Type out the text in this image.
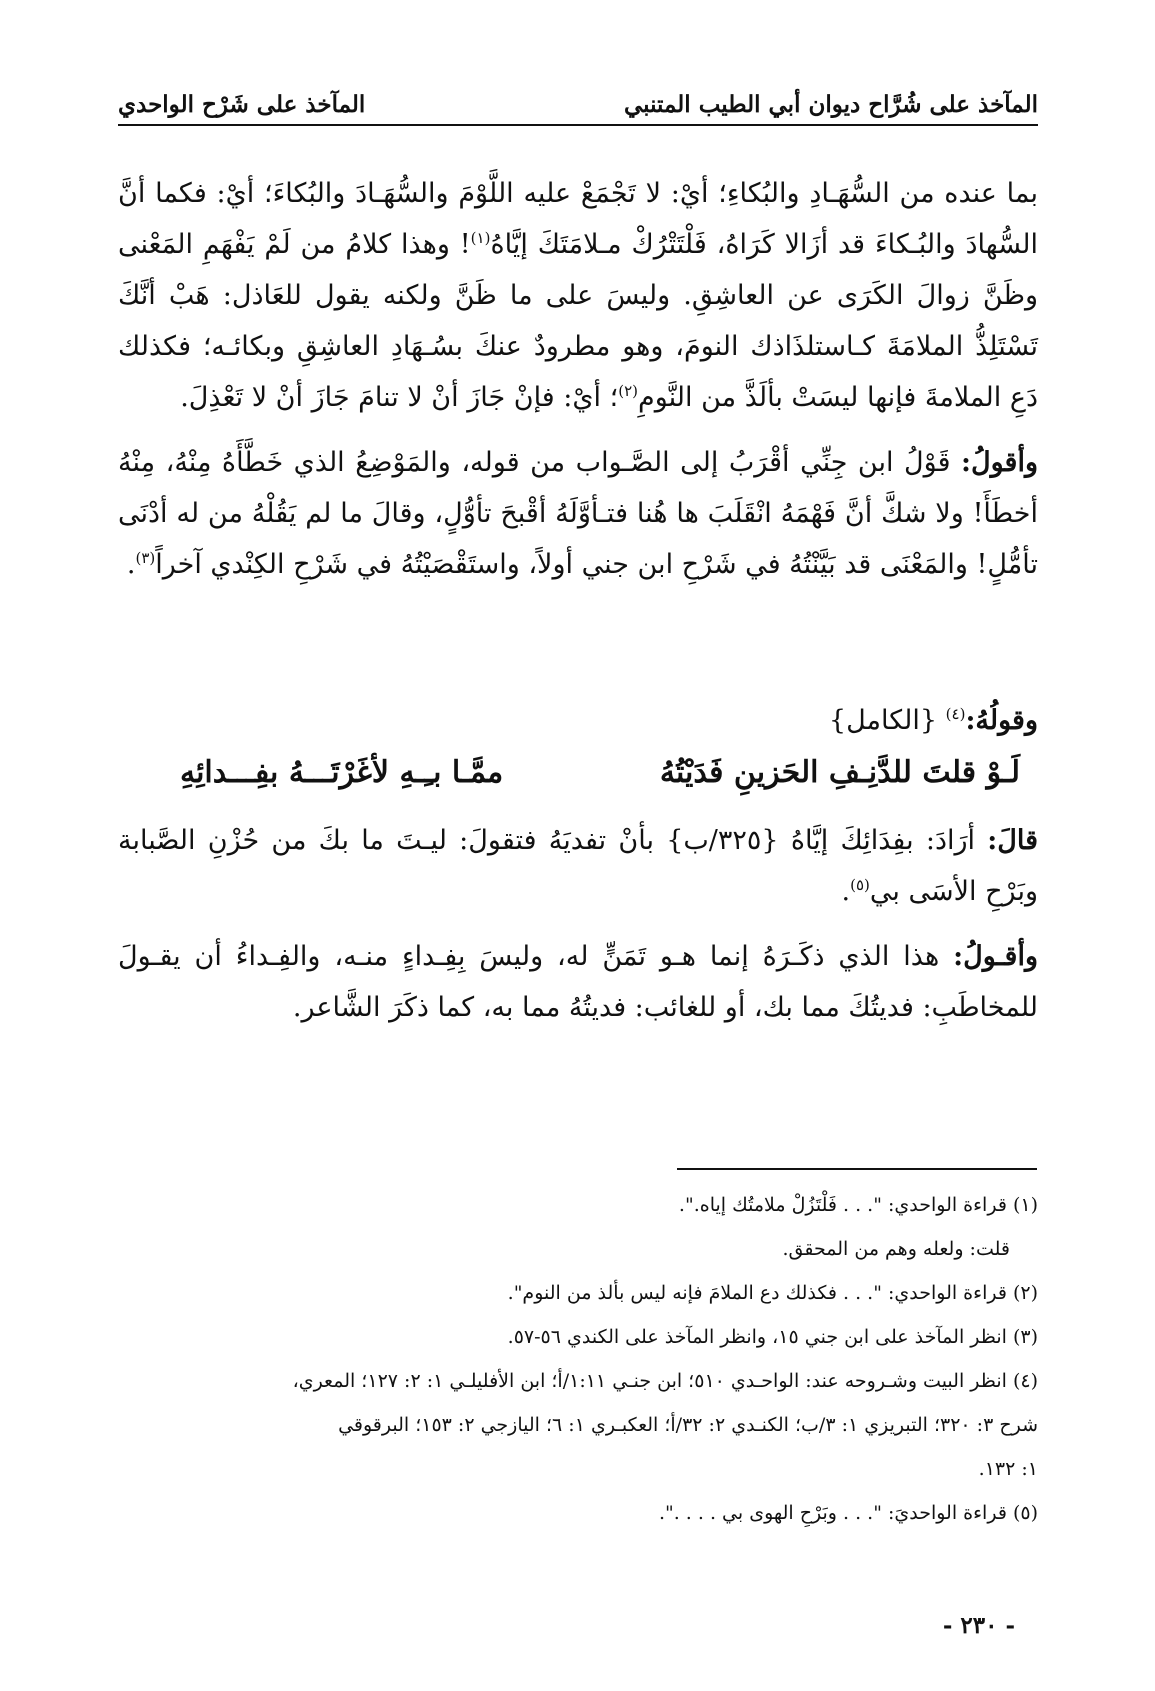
المآخذ على شُرَّاح ديوان أبي الطيب المتنبي
المآخذ على شَرْح الواحدي

بما عنده من السُّهَـادِ والبُكاءِ؛ أيْ: لا تَجْمَعْ عليه اللَّوْمَ والسُّهَـادَ والبُكاءَ؛ أيْ: فكما أنَّ السُّهادَ والبُـكاءَ قد أزَالا كَرَاهُ، فَلْتَتْرُكْ مـلامَتَكَ إيَّاهُ$^{(١)}$! وهذا كلامُ من لَمْ يَفْهَمِ المَعْنى وظَنَّ زوالَ الكَرَى عن العاشِقِ. وليسَ على ما ظَنَّ ولكنه يقول للعَاذل: هَبْ أنَّكَ تَسْتَلِذُّ الملامَةَ كـاستلذَاذك النومَ، وهو مطرودٌ عنكَ بسُـهَادِ العاشِقِ وبكائـه؛ فكذلك دَعِ الملامةَ فإنها ليسَتْ بألَذَّ من النَّومِ$^{(٢)}$؛ أيْ: فإنْ جَازَ أنْ لا تنامَ جَازَ أنْ لا تَعْذِلَ.

وأقولُ: قَوْلُ ابن جِنِّي أقْرَبُ إلى الصَّـواب من قوله، والمَوْضِعُ الذي خَطَّأَهُ مِنْهُ، مِنْهُ أخطَأَ! ولا شكَّ أنَّ فَهْمَهُ انْقَلَبَ ها هُنا فتـأوَّلَهُ أقْبحَ تأوُّلٍ، وقالَ ما لم يَقُلْهُ من له أدْنَى تأمُّلٍ! والمَعْنَى قد بَيَّنْتُهُ في شَرْحِ ابن جني أولاً، واستَقْصَيْتُهُ في شَرْحِ الكِنْدي آخراً$^{(٣)}$.

وقولُهُ:$^{(٤)}$ {الكامل}
لَـوْ قلتَ للدَّنِـفِ الحَزينِ فَدَيْتُهُ
ممَّـا بـِـهِ لأغَرْتَـــهُ بفِـــدائِهِ

قالَ: أرَادَ: بفِدَائِكَ إيَّاهُ {٣٢٥/ب} بأنْ تفديَهُ فتقولَ: ليـتَ ما بكَ من حُزْنِ الصَّبابة وبَرْحِ الأسَى بي$^{(٥)}$.

وأقـولُ: هذا الذي ذكَـرَهُ إنما هـو تَمَنٍّ له، وليسَ بِفِـداءٍ منـه، والفِـداءُ أن يقـولَ للمخاطَبِ: فديتُكَ مما بك، أو للغائب: فديتُهُ مما به، كما ذكَرَ الشَّاعر.

(١) قراءة الواحدي: ". . . فَلْتَزُلْ ملامتُك إياه.".
قلت: ولعله وهم من المحقق.
(٢) قراءة الواحدي: ". . . فكذلك دع الملامَ فإنه ليس بألذ من النوم".
(٣) انظر المآخذ على ابن جني ١٥، وانظر المآخذ على الكندي ٥٦-٥٧.
(٤) انظر البيت وشـروحه عند: الواحـدي ٥١٠؛ ابن جنـي ١:١١/أ؛ ابن الأفليلـي ١: ٢: ١٢٧؛ المعري،
شرح ٣: ٣٢٠؛ التبريزي ١: ٣/ب؛ الكنـدي ٢: ٣٢/أ؛ العكبـري ١: ٦؛ اليازجي ٢: ١٥٣؛ البرقوقي
١: ١٣٢.
(٥) قراءة الواحديَ: ". . . وبَرْحِ الهوى بي . . . .".
- ٢٣٠ -
